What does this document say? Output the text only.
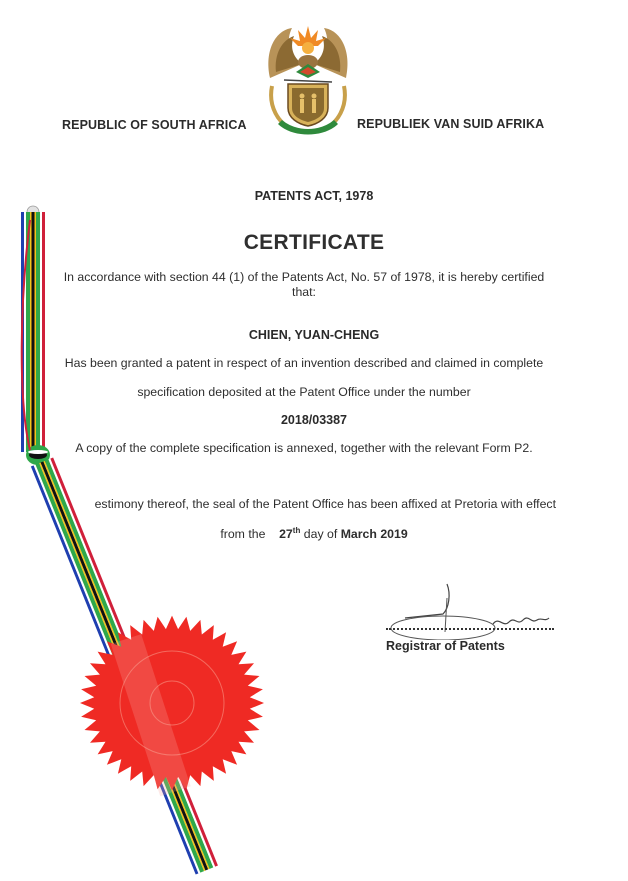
REPUBLIC OF SOUTH AFRICA	REPUBLIEK VAN SUID AFRIKA
PATENTS ACT, 1978
CERTIFICATE
In accordance with section 44 (1) of the Patents Act, No. 57 of 1978, it is hereby certified
that:
CHIEN, YUAN-CHENG
Has been granted a patent in respect of an invention described and claimed in complete
specification deposited at the Patent Office under the number
2018/03387
A copy of the complete specification is annexed, together with the relevant Form P2.
estimony thereof, the seal of the Patent Office has been affixed at Pretoria with effect
from the 27th day of March 2019
Registrar of Patents
